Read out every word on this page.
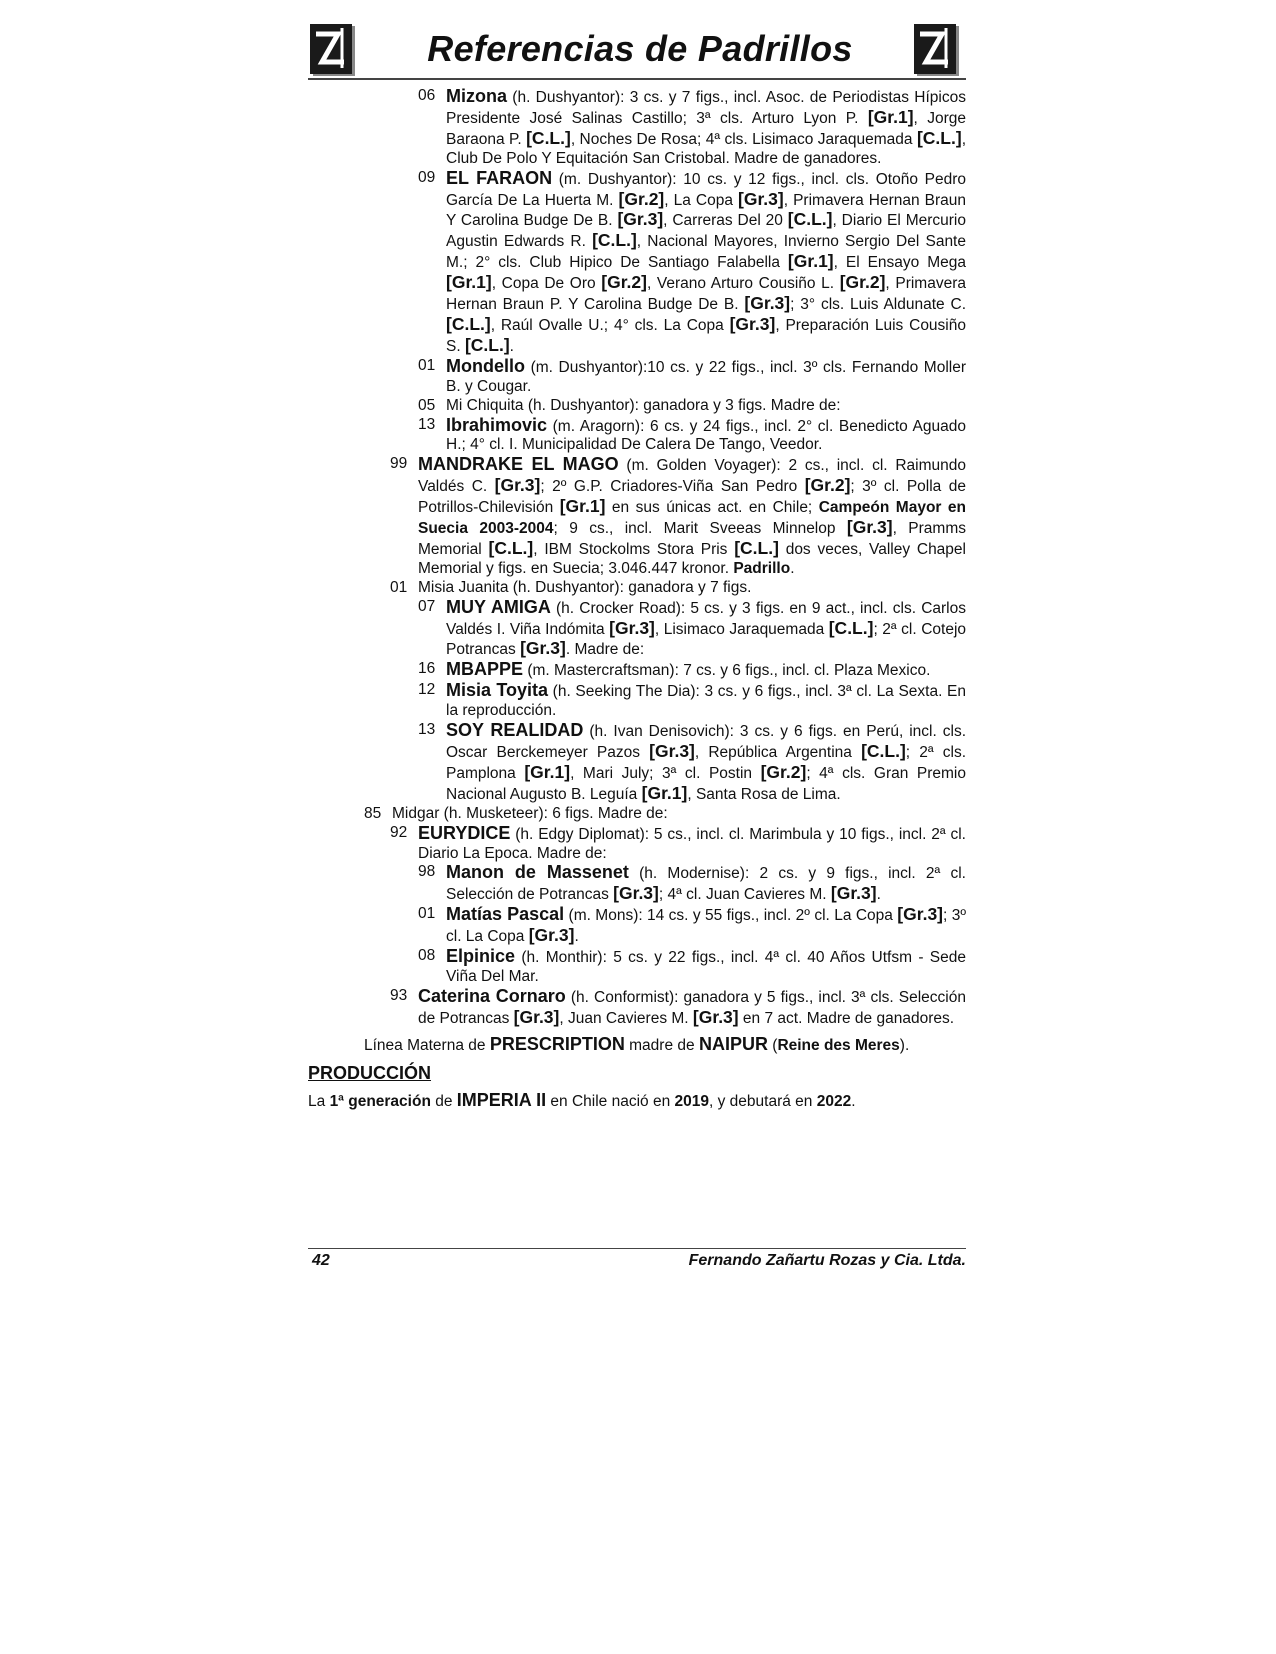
Referencias de Padrillos
06 Mizona (h. Dushyantor): 3 cs. y 7 figs., incl. Asoc. de Periodistas Hípicos Presidente José Salinas Castillo; 3ª cls. Arturo Lyon P. [Gr.1], Jorge Baraona P. [C.L.], Noches De Rosa; 4ª cls. Lisimaco Jaraquemada [C.L.], Club De Polo Y Equitación San Cristobal. Madre de ganadores.
09 EL FARAON (m. Dushyantor): 10 cs. y 12 figs., incl. cls. Otoño Pedro García De La Huerta M. [Gr.2], La Copa [Gr.3], Primavera Hernan Braun Y Carolina Budge De B. [Gr.3], Carreras Del 20 [C.L.], Diario El Mercurio Agustin Edwards R. [C.L.], Nacional Mayores, Invierno Sergio Del Sante M.; 2° cls. Club Hipico De Santiago Falabella [Gr.1], El Ensayo Mega [Gr.1], Copa De Oro [Gr.2], Verano Arturo Cousiño L. [Gr.2], Primavera Hernan Braun P. Y Carolina Budge De B. [Gr.3]; 3° cls. Luis Aldunate C. [C.L.], Raúl Ovalle U.; 4° cls. La Copa [Gr.3], Preparación Luis Cousiño S. [C.L.].
01 Mondello (m. Dushyantor):10 cs. y 22 figs., incl. 3º cls. Fernando Moller B. y Cougar.
05 Mi Chiquita (h. Dushyantor): ganadora y 3 figs. Madre de:
13 Ibrahimovic (m. Aragorn): 6 cs. y 24 figs., incl. 2° cl. Benedicto Aguado H.; 4° cl. I. Municipalidad De Calera De Tango, Veedor.
99 MANDRAKE EL MAGO (m. Golden Voyager): 2 cs., incl. cl. Raimundo Valdés C. [Gr.3]; 2º G.P. Criadores-Viña San Pedro [Gr.2]; 3º cl. Polla de Potrillos-Chilevisión [Gr.1] en sus únicas act. en Chile; Campeón Mayor en Suecia 2003-2004; 9 cs., incl. Marit Sveeas Minnelop [Gr.3], Pramms Memorial [C.L.], IBM Stockolms Stora Pris [C.L.] dos veces, Valley Chapel Memorial y figs. en Suecia; 3.046.447 kronor. Padrillo.
01 Misia Juanita (h. Dushyantor): ganadora y 7 figs.
07 MUY AMIGA (h. Crocker Road): 5 cs. y 3 figs. en 9 act., incl. cls. Carlos Valdés I. Viña Indómita [Gr.3], Lisimaco Jaraquemada [C.L.]; 2ª cl. Cotejo Potrancas [Gr.3]. Madre de:
16 MBAPPE (m. Mastercraftsman): 7 cs. y 6 figs., incl. cl. Plaza Mexico.
12 Misia Toyita (h. Seeking The Dia): 3 cs. y 6 figs., incl. 3ª cl. La Sexta. En la reproducción.
13 SOY REALIDAD (h. Ivan Denisovich): 3 cs. y 6 figs. en Perú, incl. cls. Oscar Berckemeyer Pazos [Gr.3], República Argentina [C.L.]; 2ª cls. Pamplona [Gr.1], Mari July; 3ª cl. Postin [Gr.2]; 4ª cls. Gran Premio Nacional Augusto B. Leguía [Gr.1], Santa Rosa de Lima.
85 Midgar (h. Musketeer): 6 figs. Madre de:
92 EURYDICE (h. Edgy Diplomat): 5 cs., incl. cl. Marimbula y 10 figs., incl. 2ª cl. Diario La Epoca. Madre de:
98 Manon de Massenet (h. Modernise): 2 cs. y 9 figs., incl. 2ª cl. Selección de Potrancas [Gr.3]; 4ª cl. Juan Cavieres M. [Gr.3].
01 Matías Pascal (m. Mons): 14 cs. y 55 figs., incl. 2º cl. La Copa [Gr.3]; 3º cl. La Copa [Gr.3].
08 Elpinice (h. Monthir): 5 cs. y 22 figs., incl. 4ª cl. 40 Años Utfsm - Sede Viña Del Mar.
93 Caterina Cornaro (h. Conformist): ganadora y 5 figs., incl. 3ª cls. Selección de Potrancas [Gr.3], Juan Cavieres M. [Gr.3] en 7 act. Madre de ganadores.
Línea Materna de PRESCRIPTION madre de NAIPUR (Reine des Meres).
PRODUCCIÓN
La 1ª generación de IMPERIA II en Chile nació en 2019, y debutará en 2022.
42	Fernando Zañartu Rozas y Cia. Ltda.
